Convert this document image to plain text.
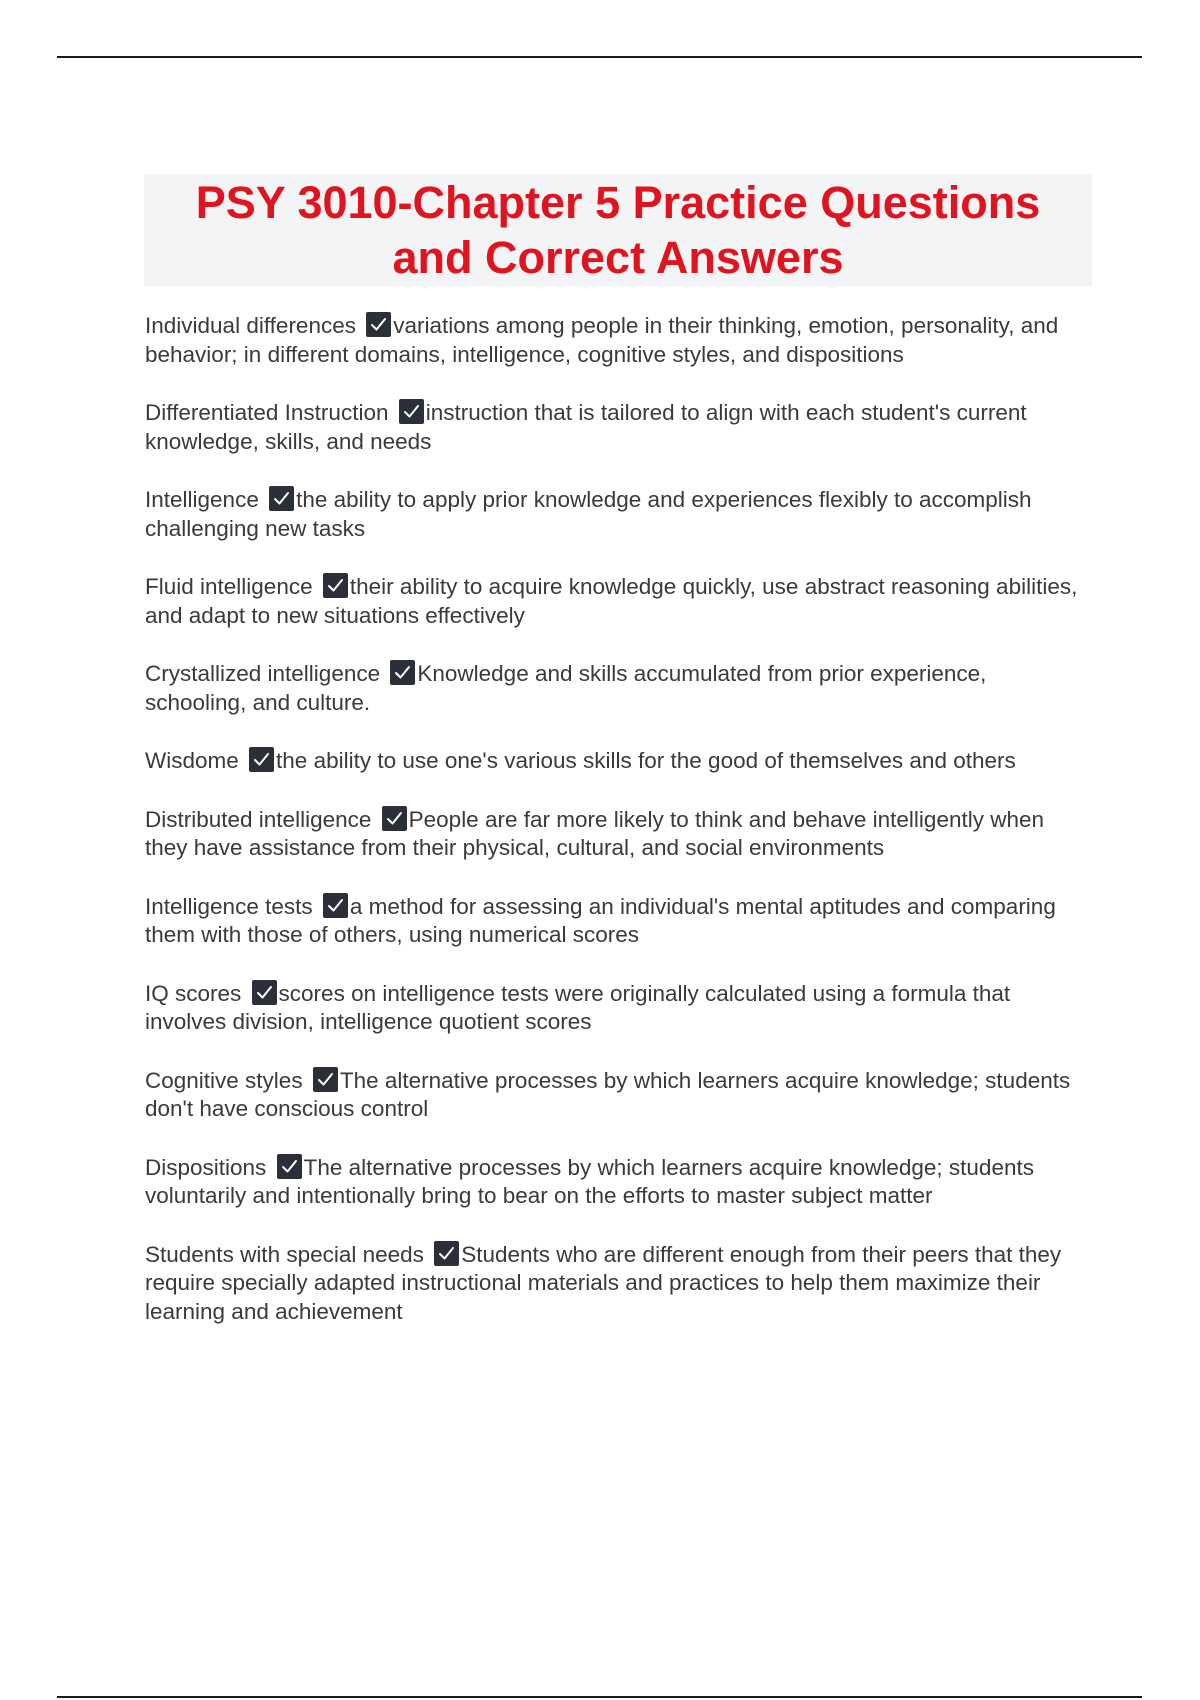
PSY 3010-Chapter 5 Practice Questions
and Correct Answers

Individual differences variations among people in their thinking, emotion, personality, and behavior; in different domains, intelligence, cognitive styles, and dispositions

Differentiated Instruction instruction that is tailored to align with each student's current knowledge, skills, and needs

Intelligence the ability to apply prior knowledge and experiences flexibly to accomplish challenging new tasks

Fluid intelligence their ability to acquire knowledge quickly, use abstract reasoning abilities, and adapt to new situations effectively

Crystallized intelligence Knowledge and skills accumulated from prior experience, schooling, and culture.

Wisdome the ability to use one's various skills for the good of themselves and others

Distributed intelligence People are far more likely to think and behave intelligently when they have assistance from their physical, cultural, and social environments

Intelligence tests a method for assessing an individual's mental aptitudes and comparing them with those of others, using numerical scores

IQ scores scores on intelligence tests were originally calculated using a formula that involves division, intelligence quotient scores

Cognitive styles The alternative processes by which learners acquire knowledge; students don't have conscious control

Dispositions The alternative processes by which learners acquire knowledge; students voluntarily and intentionally bring to bear on the efforts to master subject matter

Students with special needs Students who are different enough from their peers that they require specially adapted instructional materials and practices to help them maximize their learning and achievement
